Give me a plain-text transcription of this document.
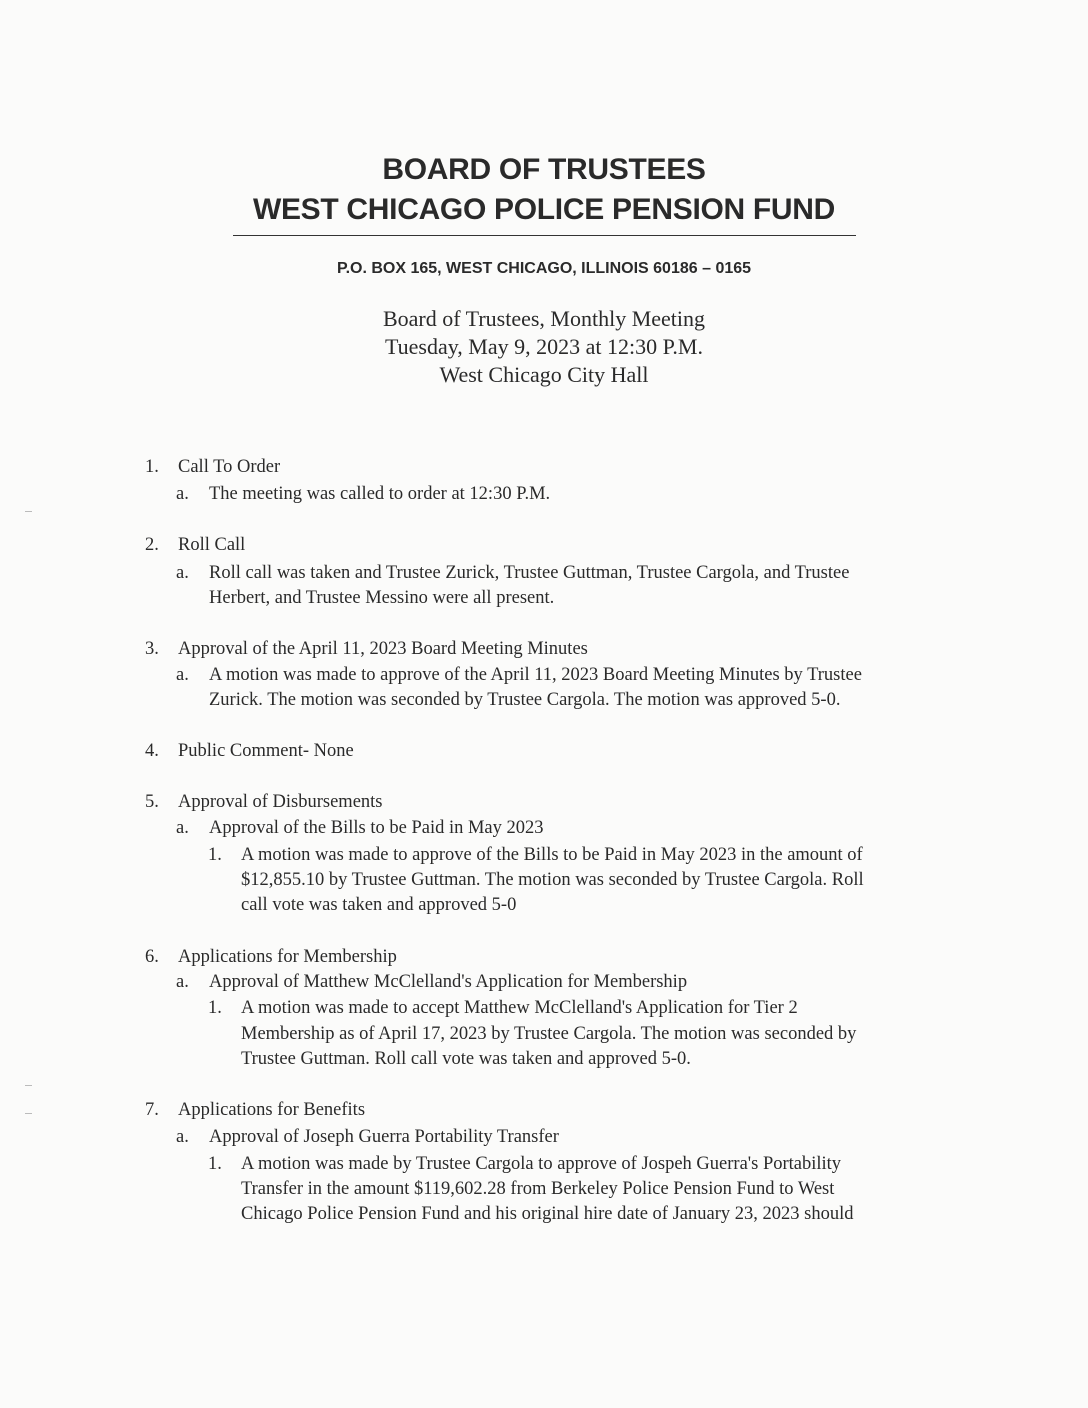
BOARD OF TRUSTEES
WEST CHICAGO POLICE PENSION FUND
P.O. BOX 165, WEST CHICAGO, ILLINOIS 60186 – 0165
Board of Trustees, Monthly Meeting
Tuesday, May 9, 2023 at 12:30 P.M.
West Chicago City Hall
1. Call To Order
a. The meeting was called to order at 12:30 P.M.
2. Roll Call
a. Roll call was taken and Trustee Zurick, Trustee Guttman, Trustee Cargola, and Trustee
Herbert, and Trustee Messino were all present.
3. Approval of the April 11, 2023 Board Meeting Minutes
a. A motion was made to approve of the April 11, 2023 Board Meeting Minutes by Trustee
Zurick. The motion was seconded by Trustee Cargola. The motion was approved 5-0.
4. Public Comment- None
5. Approval of Disbursements
a. Approval of the Bills to be Paid in May 2023
1. A motion was made to approve of the Bills to be Paid in May 2023 in the amount of
$12,855.10 by Trustee Guttman. The motion was seconded by Trustee Cargola. Roll
call vote was taken and approved 5-0
6. Applications for Membership
a. Approval of Matthew McClelland's Application for Membership
1. A motion was made to accept Matthew McClelland's Application for Tier 2
Membership as of April 17, 2023 by Trustee Cargola. The motion was seconded by
Trustee Guttman. Roll call vote was taken and approved 5-0.
7. Applications for Benefits
a. Approval of Joseph Guerra Portability Transfer
1. A motion was made by Trustee Cargola to approve of Jospeh Guerra's Portability
Transfer in the amount $119,602.28 from Berkeley Police Pension Fund to West
Chicago Police Pension Fund and his original hire date of January 23, 2023 should
